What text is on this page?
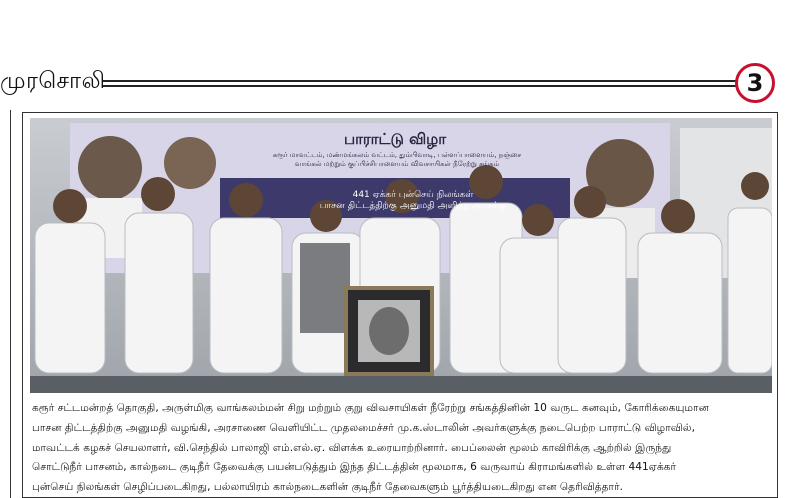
முரசொலி	3
பாராட்டு விழா
கரூர் மாவட்டம், மண்மங்கலம் வட்டம், தும்பிவாடி, பள்ளப்பாளையம், நஞ்சை
வாங்கல் மற்றும் குப்பிச்சிபாளையம் விவசாயிகள் நீரேற்று சங்கம்
441 ஏக்கர் புன்செய் நிலங்கள்
பாசன திட்டத்திற்கு அனுமதி அளித்த அரசுக்கு

கரூர் சட்டமன்றத் தொகுதி, அருள்மிகு வாங்கலம்மன் சிறு மற்றும் குறு விவசாயிகள் நீரேற்று சங்கத்தினின் 10 வருட கனவும், கோரிக்கையுமான

பாசன திட்டத்திற்கு அனுமதி வழங்கி, அரசாணை வெளியிட்ட முதலமைச்சர் மு.க.ஸ்டாலின் அவர்களுக்கு நடைபெற்ற பாராட்டு விழாவில்,

மாவட்டக் கழகச் செயலாளர், வி.செந்தில் பாலாஜி எம்.எல்.ஏ. விளக்க உரையாற்றினார். பைப்லைன் மூலம் காவிரிக்கு ஆற்றில் இருந்து

சொட்டுநீர் பாசனம், கால்நடை குடிநீர் தேவைக்கு பயன்படுத்தும் இந்த திட்டத்தின் மூலமாக, 6 வருவாய் கிராமங்களில் உள்ள 441ஏக்கர்

புன்செய் நிலங்கள் செழிப்படைகிறது, பல்லாயிரம் கால்நடைகளின் குடிநீர் தேவைகளும் பூர்த்தியடைகிறது என தெரிவித்தார்.
